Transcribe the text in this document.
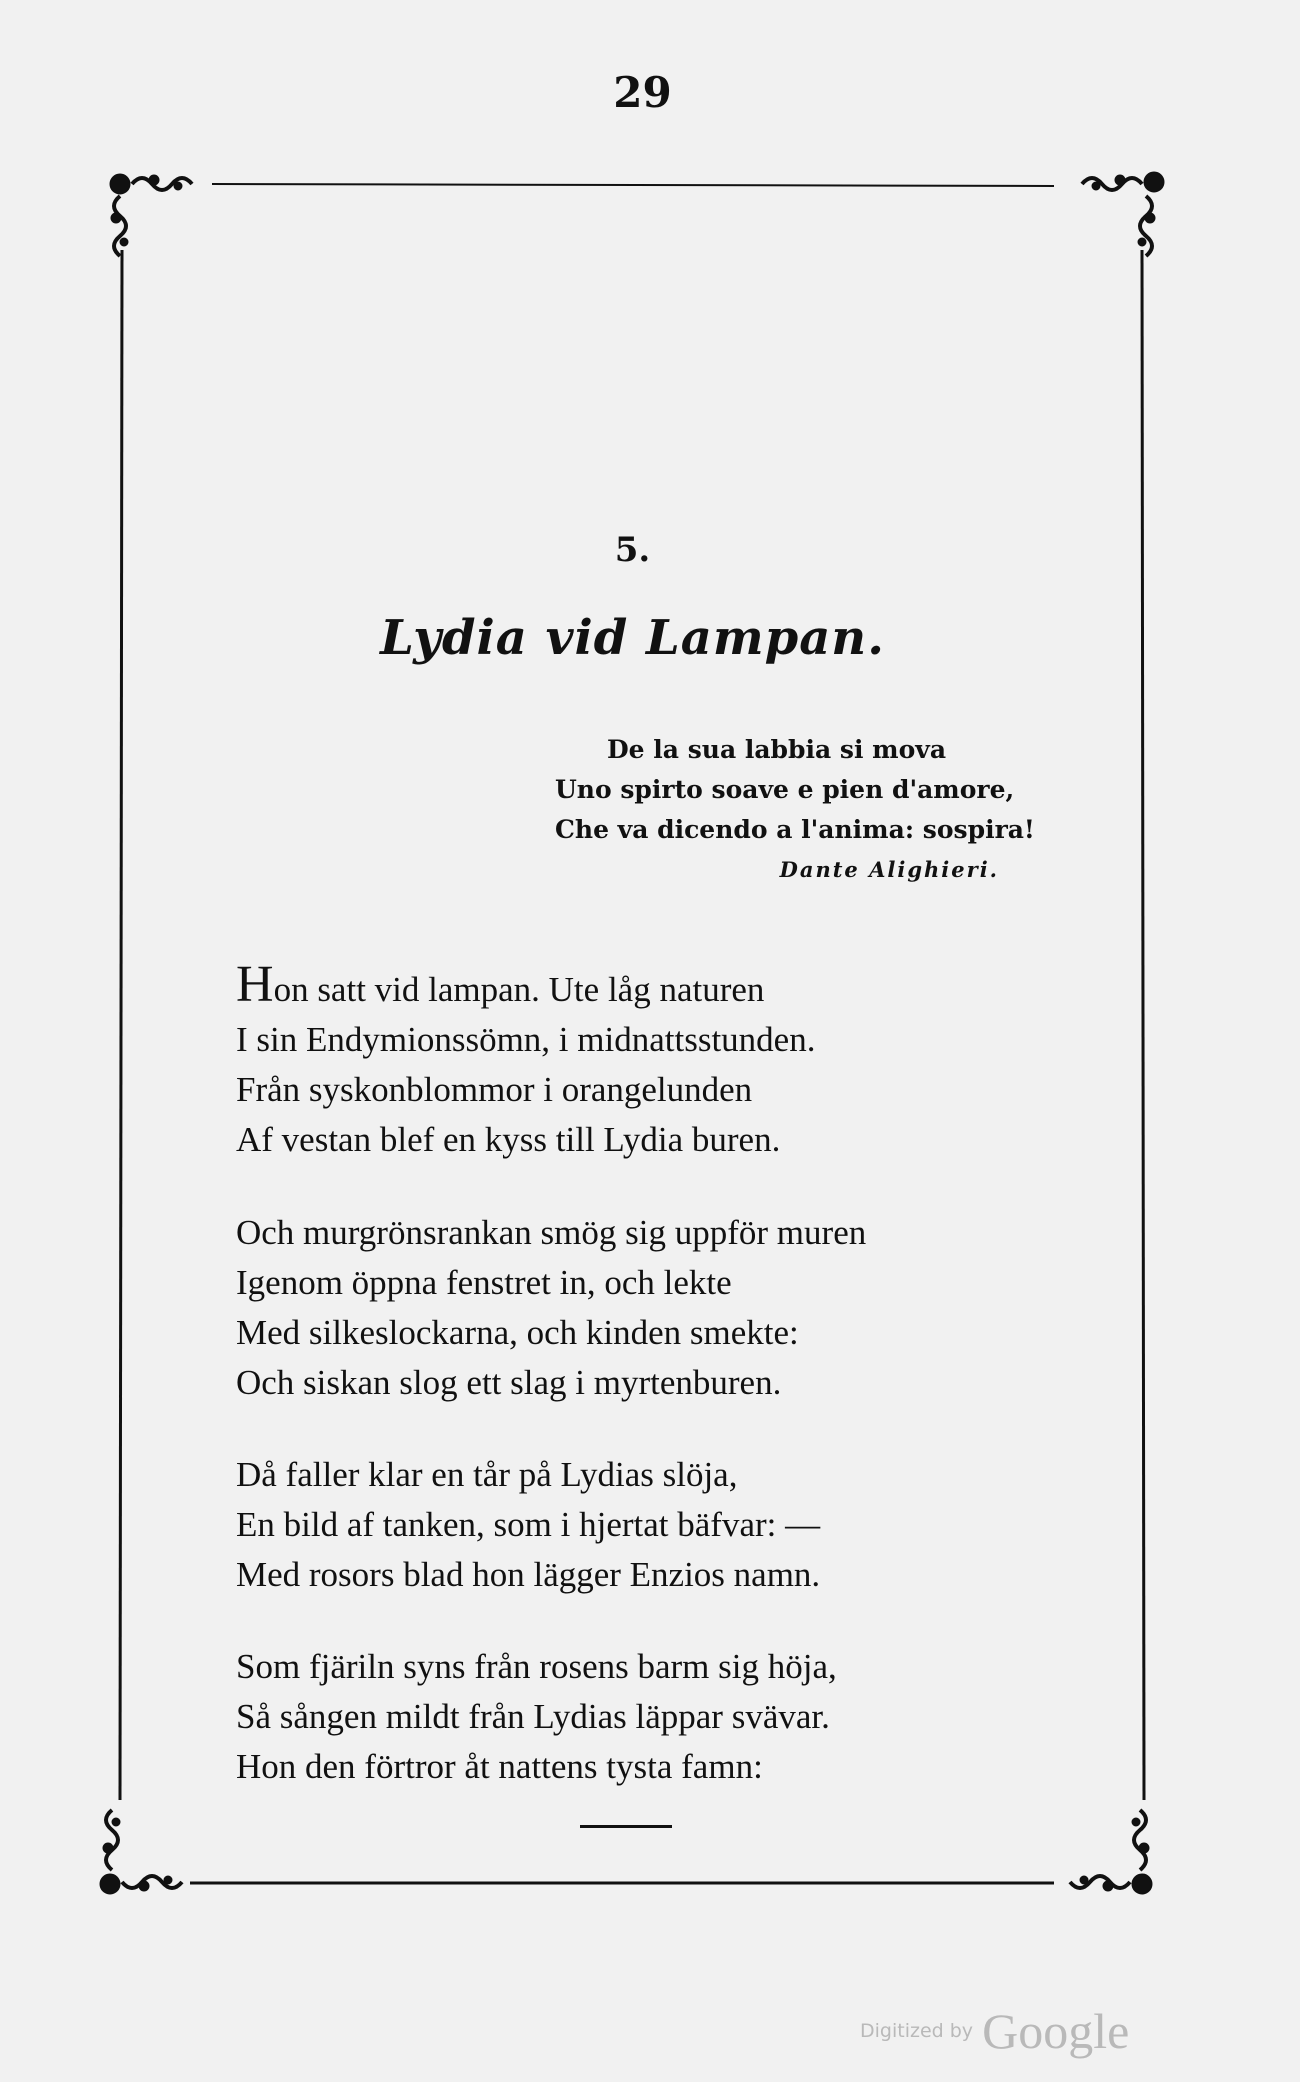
29
5.
Lydia vid Lampan.
De la sua labbia si mova
Uno spirto soave e pien d'amore,
Che va dicendo a l'anima: sospira!
Dante Alighieri.
Hon satt vid lampan. Ute låg naturen
I sin Endymionssömn, i midnattsstunden.
Från syskonblommor i orangelunden
Af vestan blef en kyss till Lydia buren.
Och murgrönsrankan smög sig uppför muren
Igenom öppna fenstret in, och lekte
Med silkeslockarna, och kinden smekte:
Och siskan slog ett slag i myrtenburen.
Då faller klar en tår på Lydias slöja,
En bild af tanken, som i hjertat bäfvar: —
Med rosors blad hon lägger Enzios namn.
Som fjäriln syns från rosens barm sig höja,
Så sången mildt från Lydias läppar svävar.
Hon den förtror åt nattens tysta famn:
Digitized by Google
